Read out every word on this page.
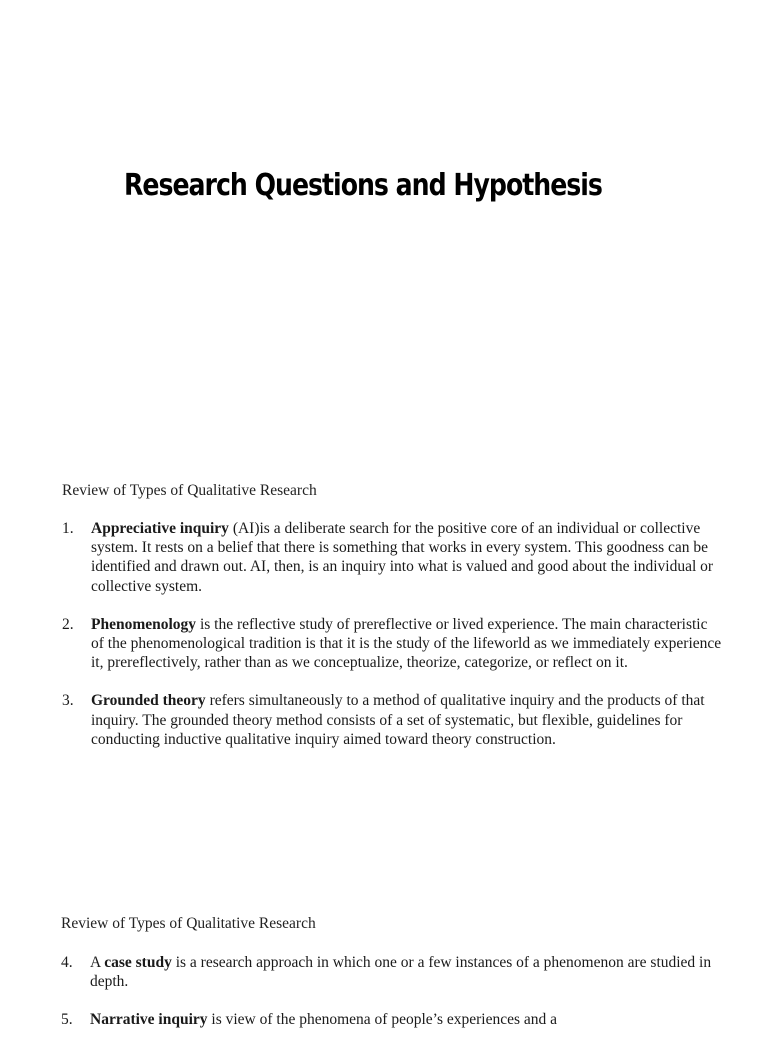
Research Questions and Hypothesis
Review of Types of Qualitative Research
1. Appreciative inquiry (AI)is a deliberate search for the positive core of an individual or collective system. It rests on a belief that there is something that works in every system. This goodness can be identified and drawn out. AI, then, is an inquiry into what is valued and good about the individual or collective system.
2. Phenomenology is the reflective study of prereflective or lived experience. The main characteristic of the phenomenological tradition is that it is the study of the lifeworld as we immediately experience it, prereflectively, rather than as we conceptualize, theorize, categorize, or reflect on it.
3. Grounded theory refers simultaneously to a method of qualitative inquiry and the products of that inquiry. The grounded theory method consists of a set of systematic, but flexible, guidelines for conducting inductive qualitative inquiry aimed toward theory construction.
Review of Types of Qualitative Research
4. A case study is a research approach in which one or a few instances of a phenomenon are studied in depth.
5. Narrative inquiry is view of the phenomena of people’s experiences and a
